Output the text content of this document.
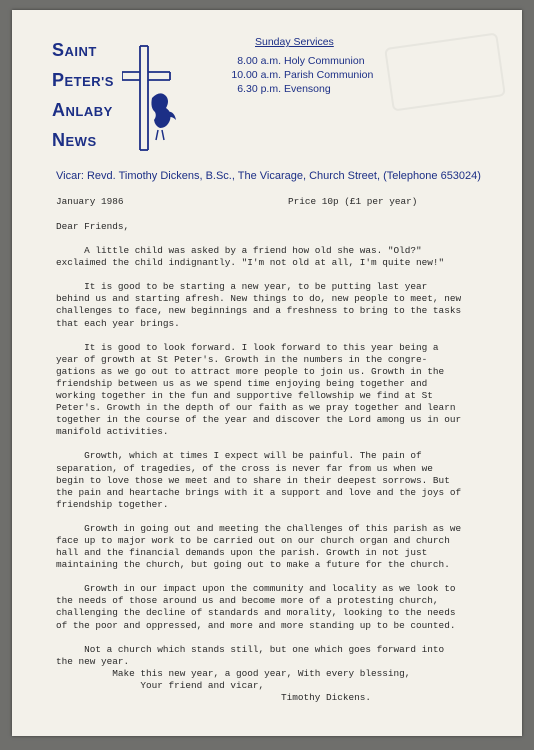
SAINT
PETER'S
ANLABY
NEWS
Sunday Services
8.00 a.m. Holy Communion
10.00 a.m. Parish Communion
6.30 p.m. Evensong
Vicar: Revd. Timothy Dickens, B.Sc., The Vicarage, Church Street, (Telephone 653024)
January 1986	Price 10p (£1 per year)

Dear Friends,

A little child was asked by a friend how old she was. "Old?"
exclaimed the child indignantly. "I'm not old at all, I'm quite new!"

It is good to be starting a new year, to be putting last year
behind us and starting afresh. New things to do, new people to meet, new
challenges to face, new beginnings and a freshness to bring to the tasks
that each year brings.

It is good to look forward. I look forward to this year being a
year of growth at St Peter's. Growth in the numbers in the congre-
gations as we go out to attract more people to join us. Growth in the
friendship between us as we spend time enjoying being together and
working together in the fun and supportive fellowship we find at St
Peter's. Growth in the depth of our faith as we pray together and learn
together in the course of the year and discover the Lord among us in our
manifold activities.

Growth, which at times I expect will be painful. The pain of
separation, of tragedies, of the cross is never far from us when we
begin to love those we meet and to share in their deepest sorrows. But
the pain and heartache brings with it a support and love and the joys of
friendship together.

Growth in going out and meeting the challenges of this parish as we
face up to major work to be carried out on our church organ and church
hall and the financial demands upon the parish. Growth in not just
maintaining the church, but going out to make a future for the church.

Growth in our impact upon the community and locality as we look to
the needs of those around us and become more of a protesting church,
challenging the decline of standards and morality, looking to the needs
of the poor and oppressed, and more and more standing up to be counted.

Not a church which stands still, but one which goes forward into
the new year.
Make this new year, a good year, With every blessing,
Your friend and vicar,
Timothy Dickens.
